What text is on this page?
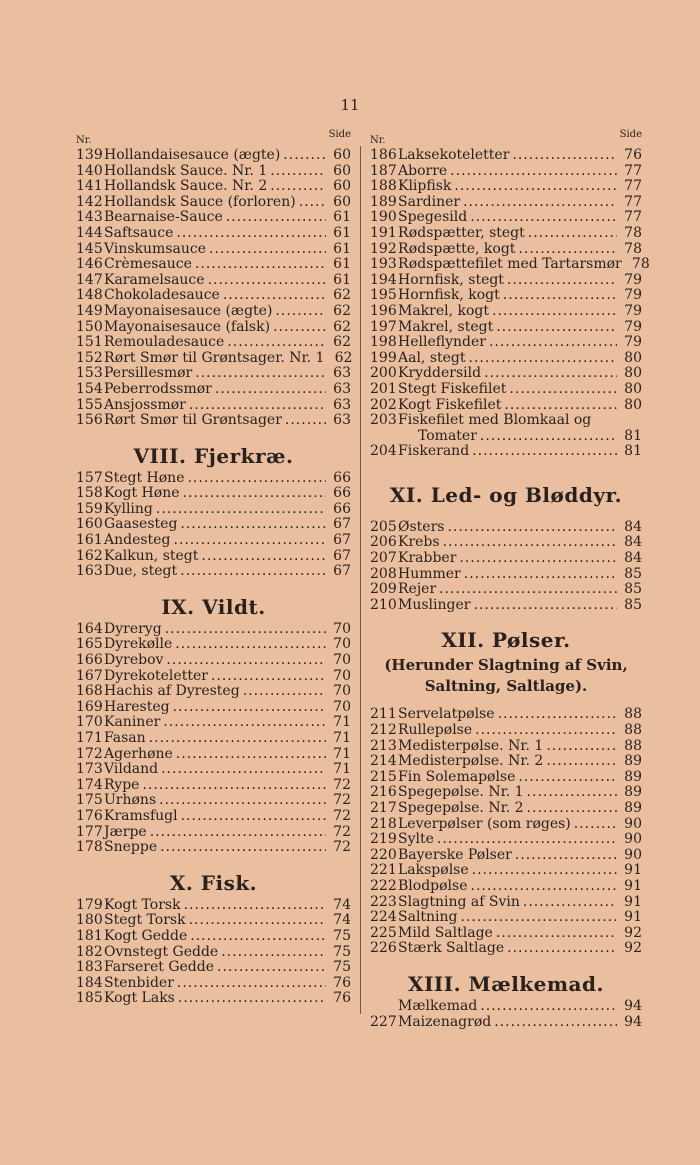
11
Nr.
Side
139 Hollandaisesauce (ægte) .....	60
140 Hollandsk Sauce. Nr. 1 .....	60
141 Hollandsk Sauce. Nr. 2 .....	60
142 Hollandsk Sauce (forloren) .....	60
143 Bearnaise-Sauce .....	61
144 Saftsauce .....	61
145 Vinskumsauce .....	61
146 Crèmesauce .....	61
147 Karamelsauce .....	61
148 Chokoladesauce .....	62
149 Mayonaisesauce (ægte) .....	62
150 Mayonaisesauce (falsk) .....	62
151 Remouladesauce .....	62
152 Rørt Smør til Grøntsager. Nr. 1 62
153 Persillesmør .....	63
154 Peberrodssmør .....	63
155 Ansjossmør .....	63
156 Rørt Smør til Grøntsager .....	63
VIII. Fjerkræ.
157 Stegt Høne .....	66
158 Kogt Høne .....	66
159 Kylling .....	66
160 Gaasesteg .....	67
161 Andesteg .....	67
162 Kalkun, stegt .....	67
163 Due, stegt .....	67
IX. Vildt.
164 Dyreryg .....	70
165 Dyrekølle .....	70
166 Dyrebov .....	70
167 Dyrekoteletter .....	70
168 Hachis af Dyresteg .....	70
169 Haresteg .....	70
170 Kaniner .....	71
171 Fasan .....	71
172 Agerhøne .....	71
173 Vildand .....	71
174 Rype .....	72
175 Urhøns .....	72
176 Kramsfugl .....	72
177 Jærpe .....	72
178 Sneppe .....	72
X. Fisk.
179 Kogt Torsk .....	74
180 Stegt Torsk .....	74
181 Kogt Gedde .....	75
182 Ovnstegt Gedde .....	75
183 Farseret Gedde .....	75
184 Stenbider .....	76
185 Kogt Laks .....	76
Nr.
Side
186 Laksekoteletter .....	76
187 Aborre .....	77
188 Klipfisk .....	77
189 Sardiner .....	77
190 Spegesild .....	77
191 Rødspætter, stegt .....	78
192 Rødspætte, kogt .....	78
193 Rødspættefilet med Tartarsmør 78
194 Hornfisk, stegt .....	79
195 Hornfisk, kogt .....	79
196 Makrel, kogt .....	79
197 Makrel, stegt .....	79
198 Helleflynder .....	79
199 Aal, stegt .....	80
200 Kryddersild .....	80
201 Stegt Fiskefilet .....	80
202 Kogt Fiskefilet .....	80
203 Fiskefilet med Blomkaal og
Tomater .....	81
204 Fiskerand .....	81
XI. Led- og Bløddyr.
205 Østers .....	84
206 Krebs .....	84
207 Krabber .....	84
208 Hummer .....	85
209 Rejer .....	85
210 Muslinger .....	85
XII. Pølser.
(Herunder Slagtning af Svin,
Saltning, Saltlage).
211 Servelatpølse .....	88
212 Rullepølse .....	88
213 Medisterpølse. Nr. 1 .....	88
214 Medisterpølse. Nr. 2 .....	89
215 Fin Solemapølse .....	89
216 Spegepølse. Nr. 1 .....	89
217 Spegepølse. Nr. 2 .....	89
218 Leverpølser (som røges) .....	90
219 Sylte .....	90
220 Bayerske Pølser .....	90
221 Lakspølse .....	91
222 Blodpølse .....	91
223 Slagtning af Svin .....	91
224 Saltning .....	91
225 Mild Saltlage .....	92
226 Stærk Saltlage .....	92
XIII. Mælkemad.
Mælkemad .....	94
227 Maizenagrød .....	94
